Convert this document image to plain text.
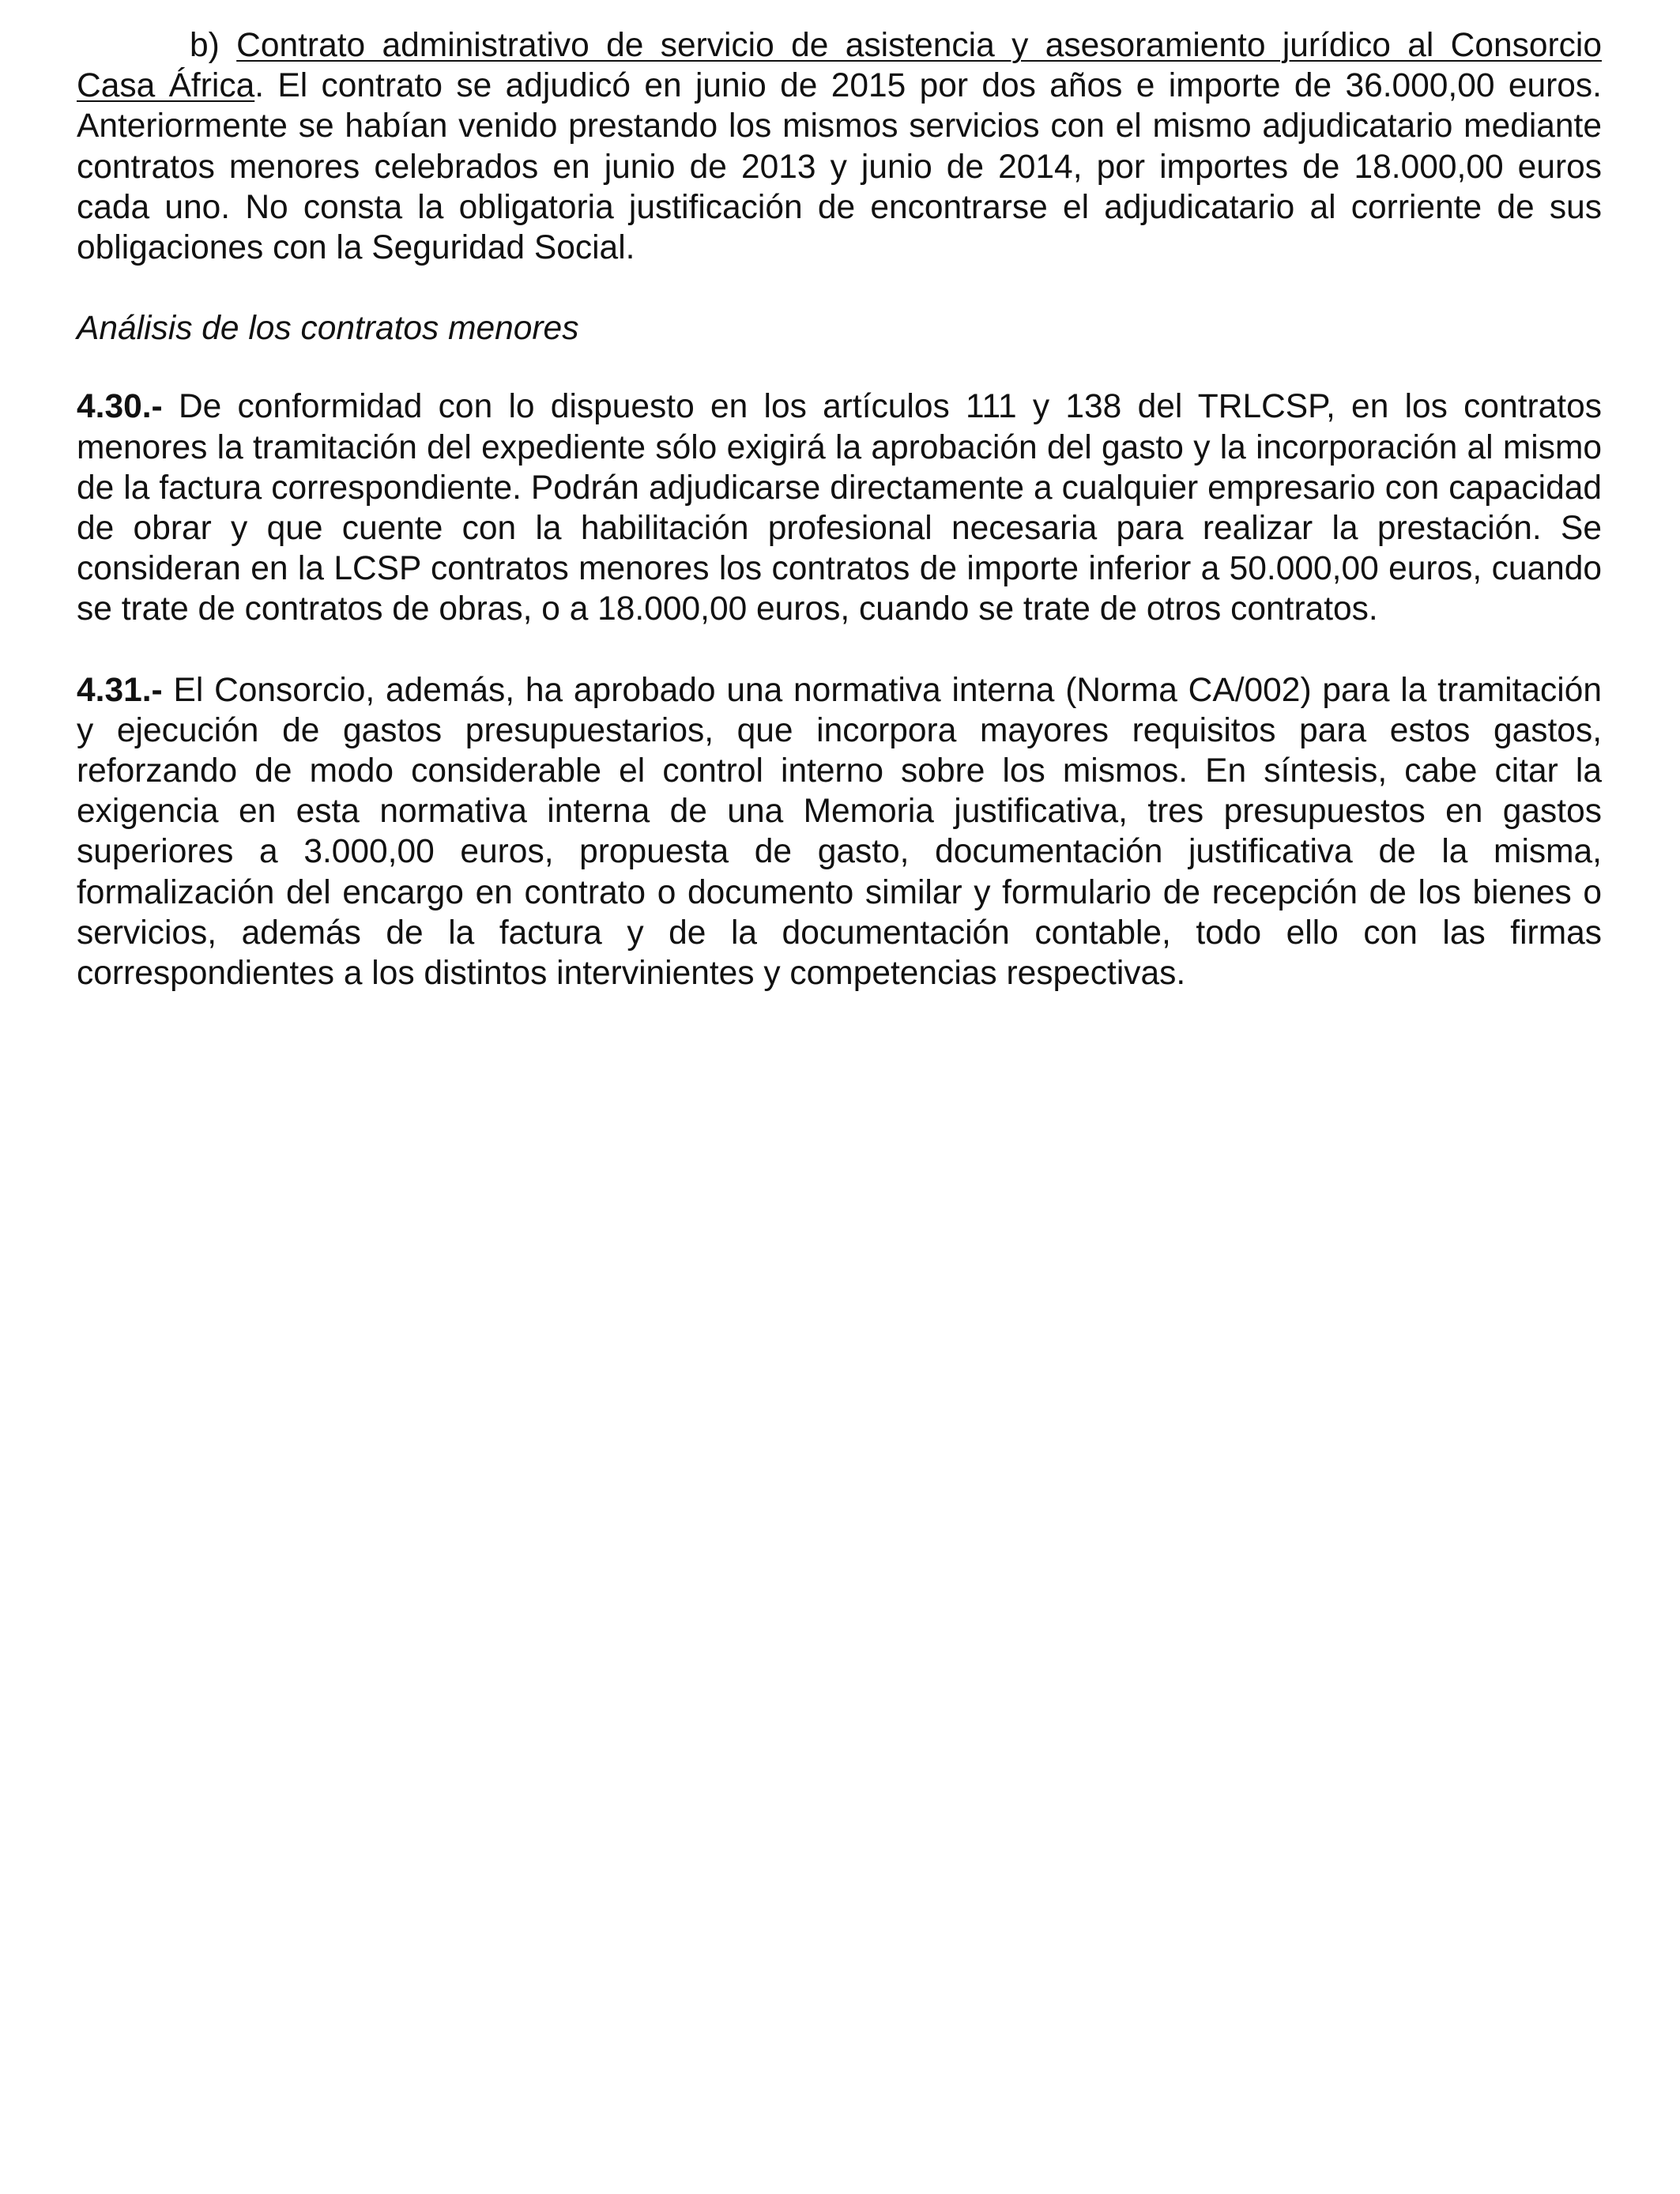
b) Contrato administrativo de servicio de asistencia y asesoramiento jurídico al Consorcio Casa África. El contrato se adjudicó en junio de 2015 por dos años e importe de 36.000,00 euros. Anteriormente se habían venido prestando los mismos servicios con el mismo adjudicatario mediante contratos menores celebrados en junio de 2013 y junio de 2014, por importes de 18.000,00 euros cada uno. No consta la obligatoria justificación de encontrarse el adjudicatario al corriente de sus obligaciones con la Seguridad Social.

Análisis de los contratos menores

4.30.- De conformidad con lo dispuesto en los artículos 111 y 138 del TRLCSP, en los contratos menores la tramitación del expediente sólo exigirá la aprobación del gasto y la incorporación al mismo de la factura correspondiente. Podrán adjudicarse directamente a cualquier empresario con capacidad de obrar y que cuente con la habilitación profesional necesaria para realizar la prestación. Se consideran en la LCSP contratos menores los contratos de importe inferior a 50.000,00 euros, cuando se trate de contratos de obras, o a 18.000,00 euros, cuando se trate de otros contratos.

4.31.- El Consorcio, además, ha aprobado una normativa interna (Norma CA/002) para la tramitación y ejecución de gastos presupuestarios, que incorpora mayores requisitos para estos gastos, reforzando de modo considerable el control interno sobre los mismos. En síntesis, cabe citar la exigencia en esta normativa interna de una Memoria justificativa, tres presupuestos en gastos superiores a 3.000,00 euros, propuesta de gasto, documentación justificativa de la misma, formalización del encargo en contrato o documento similar y formulario de recepción de los bienes o servicios, además de la factura y de la documentación contable, todo ello con las firmas correspondientes a los distintos intervinientes y competencias respectivas.
